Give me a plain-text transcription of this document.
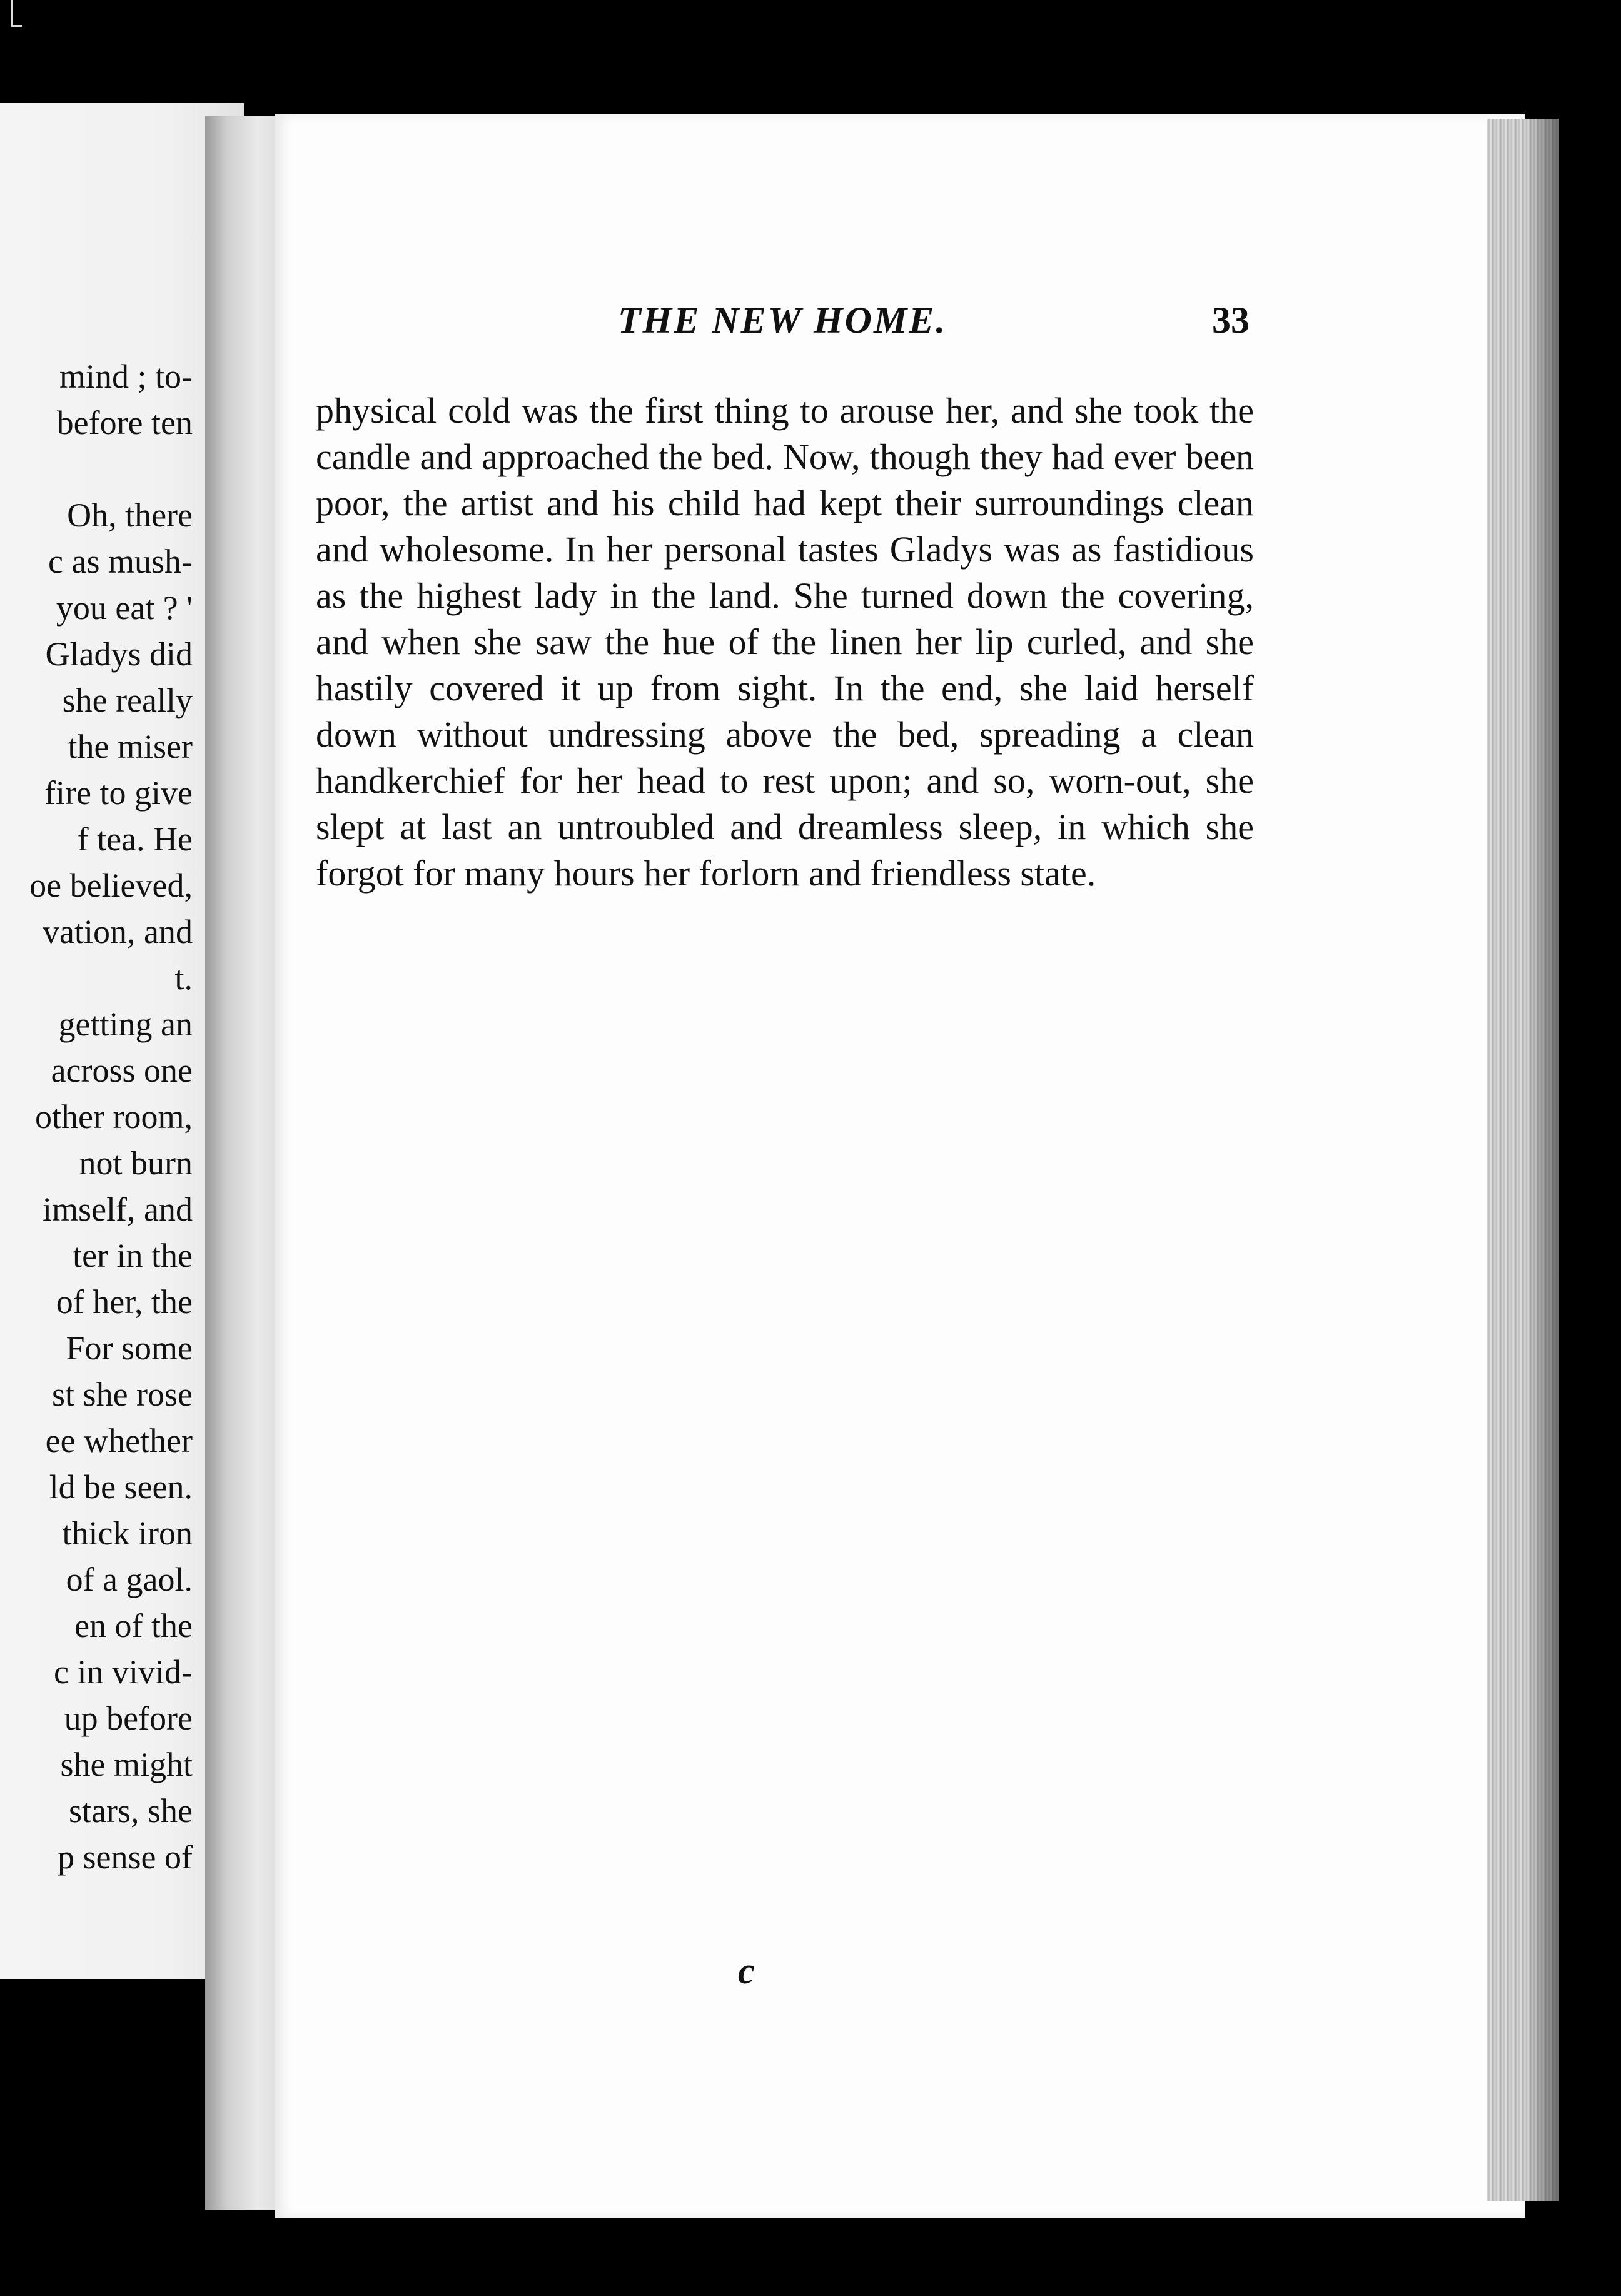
mind ; to-
before ten

Oh, there
c as mush-
you eat ? '
Gladys did
she really
the miser
fire to give
f tea. He
oe believed,
vation, and
t.
getting an
across one
other room,
not burn
imself, and
ter in the
of her, the
For some
st she rose
ee whether
ld be seen.
thick iron
of a gaol.
en of the
c in vivid-
up before
she might
stars, she
p sense of
THE NEW HOME.	33

physical cold was the first thing to arouse her, and she took the candle and approached the bed. Now, though they had ever been poor, the artist and his child had kept their surroundings clean and wholesome. In her personal tastes Gladys was as fastidious as the highest lady in the land. She turned down the covering, and when she saw the hue of the linen her lip curled, and she hastily covered it up from sight. In the end, she laid herself down without undressing above the bed, spreading a clean handkerchief for her head to rest upon; and so, worn-out, she slept at last an untroubled and dreamless sleep, in which she forgot for many hours her forlorn and friendless state.

c
